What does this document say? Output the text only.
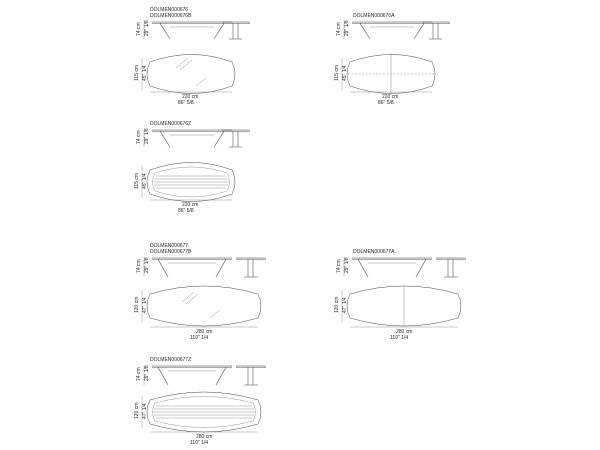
DOLMEN000676
DOLMEN000676B
74 cm 29" 1/8
115 cm 45" 1/4
220 cm
86" 5/8
DOLMEN000676A
74 cm 29" 1/8
115 cm 45" 1/4
220 cm
86" 5/8
DOLMEN000676Z
74 cm 29" 1/8
115 cm 45" 1/4
220 cm
86" 5/8
DOLMEN000677
DOLMEN000677B
74 cm 29" 1/8
120 cm 47" 1/4
280 cm
110" 1/4
DOLMEN000677A
74 cm 29" 1/8
120 cm 47" 1/4
280 cm
110" 1/4
DOLMEN000677Z
74 cm 29" 1/8
120 cm 47" 1/4
280 cm
110" 1/4
